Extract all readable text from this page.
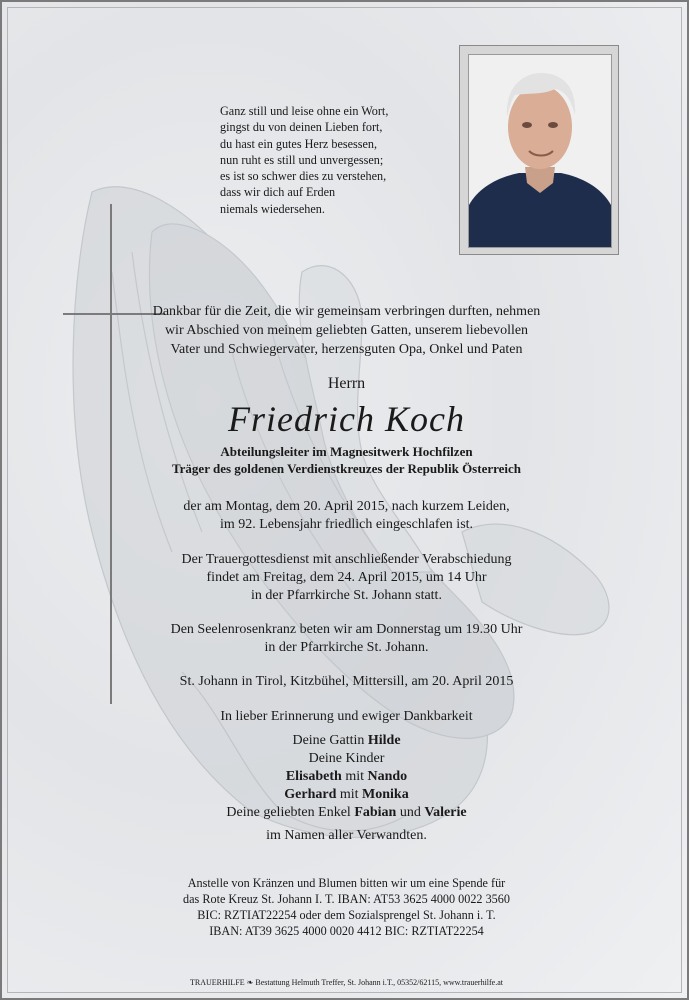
Ganz still und leise ohne ein Wort,
gingst du von deinen Lieben fort,
du hast ein gutes Herz besessen,
nun ruht es still und unvergessen;
es ist so schwer dies zu verstehen,
dass wir dich auf Erden
niemals wiedersehen.
Dankbar für die Zeit, die wir gemeinsam verbringen durften, nehmen
wir Abschied von meinem geliebten Gatten, unserem liebevollen
Vater und Schwiegervater, herzensguten Opa, Onkel und Paten
Herrn
Friedrich Koch
Abteilungsleiter im Magnesitwerk Hochfilzen
Träger des goldenen Verdienstkreuzes der Republik Österreich
der am Montag, dem 20. April 2015, nach kurzem Leiden,
im 92. Lebensjahr friedlich eingeschlafen ist.
Der Trauergottesdienst mit anschließender Verabschiedung
findet am Freitag, dem 24. April 2015, um 14 Uhr
in der Pfarrkirche St. Johann statt.
Den Seelenrosenkranz beten wir am Donnerstag um 19.30 Uhr
in der Pfarrkirche St. Johann.
St. Johann in Tirol, Kitzbühel, Mittersill, am 20. April 2015
In lieber Erinnerung und ewiger Dankbarkeit
Deine Gattin Hilde
Deine Kinder
Elisabeth mit Nando
Gerhard mit Monika
Deine geliebten Enkel Fabian und Valerie
im Namen aller Verwandten.
Anstelle von Kränzen und Blumen bitten wir um eine Spende für
das Rote Kreuz St. Johann I. T. IBAN: AT53 3625 4000 0022 3560
BIC: RZTIAT22254 oder dem Sozialsprengel St. Johann i. T.
IBAN: AT39 3625 4000 0020 4412 BIC: RZTIAT22254
TRAUERHILFE ❧ Bestattung Helmuth Treffer, St. Johann i.T., 05352/62115, www.trauerhilfe.at
